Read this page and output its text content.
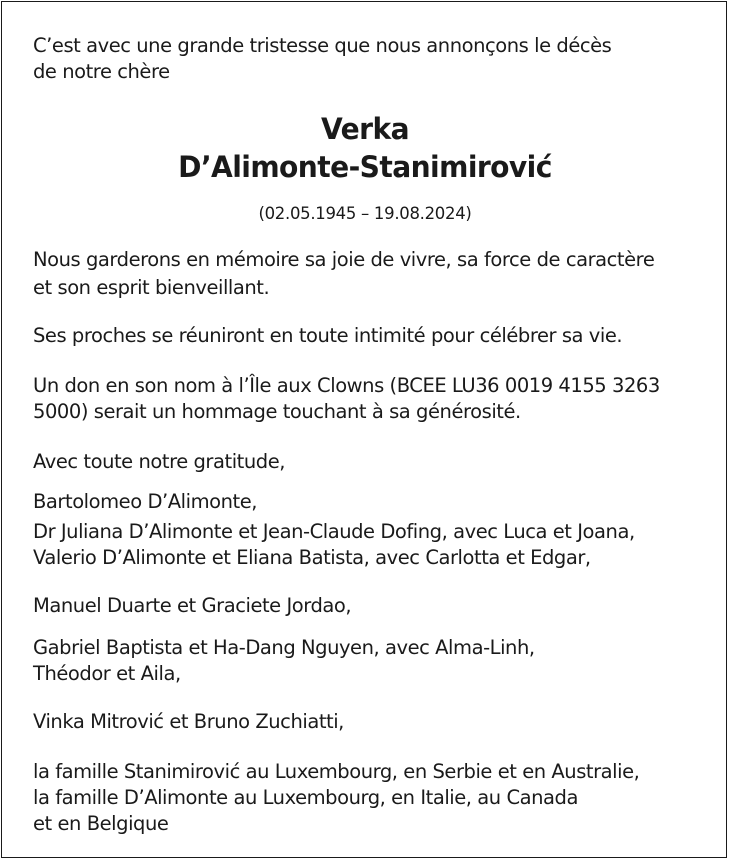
C’est avec une grande tristesse que nous annonçons le décès
de notre chère
Verka
D’Alimonte-Stanimirović
(02.05.1945 – 19.08.2024)
Nous garderons en mémoire sa joie de vivre, sa force de caractère
et son esprit bienveillant.
Ses proches se réuniront en toute intimité pour célébrer sa vie.
Un don en son nom à l’Île aux Clowns (BCEE LU36 0019 4155 3263
5000) serait un hommage touchant à sa générosité.
Avec toute notre gratitude,
Bartolomeo D’Alimonte,
Dr Juliana D’Alimonte et Jean-Claude Dofing, avec Luca et Joana,
Valerio D’Alimonte et Eliana Batista, avec Carlotta et Edgar,
Manuel Duarte et Graciete Jordao,
Gabriel Baptista et Ha-Dang Nguyen, avec Alma-Linh,
Théodor et Aila,
Vinka Mitrović et Bruno Zuchiatti,
la famille Stanimirović au Luxembourg, en Serbie et en Australie,
la famille D’Alimonte au Luxembourg, en Italie, au Canada
et en Belgique
